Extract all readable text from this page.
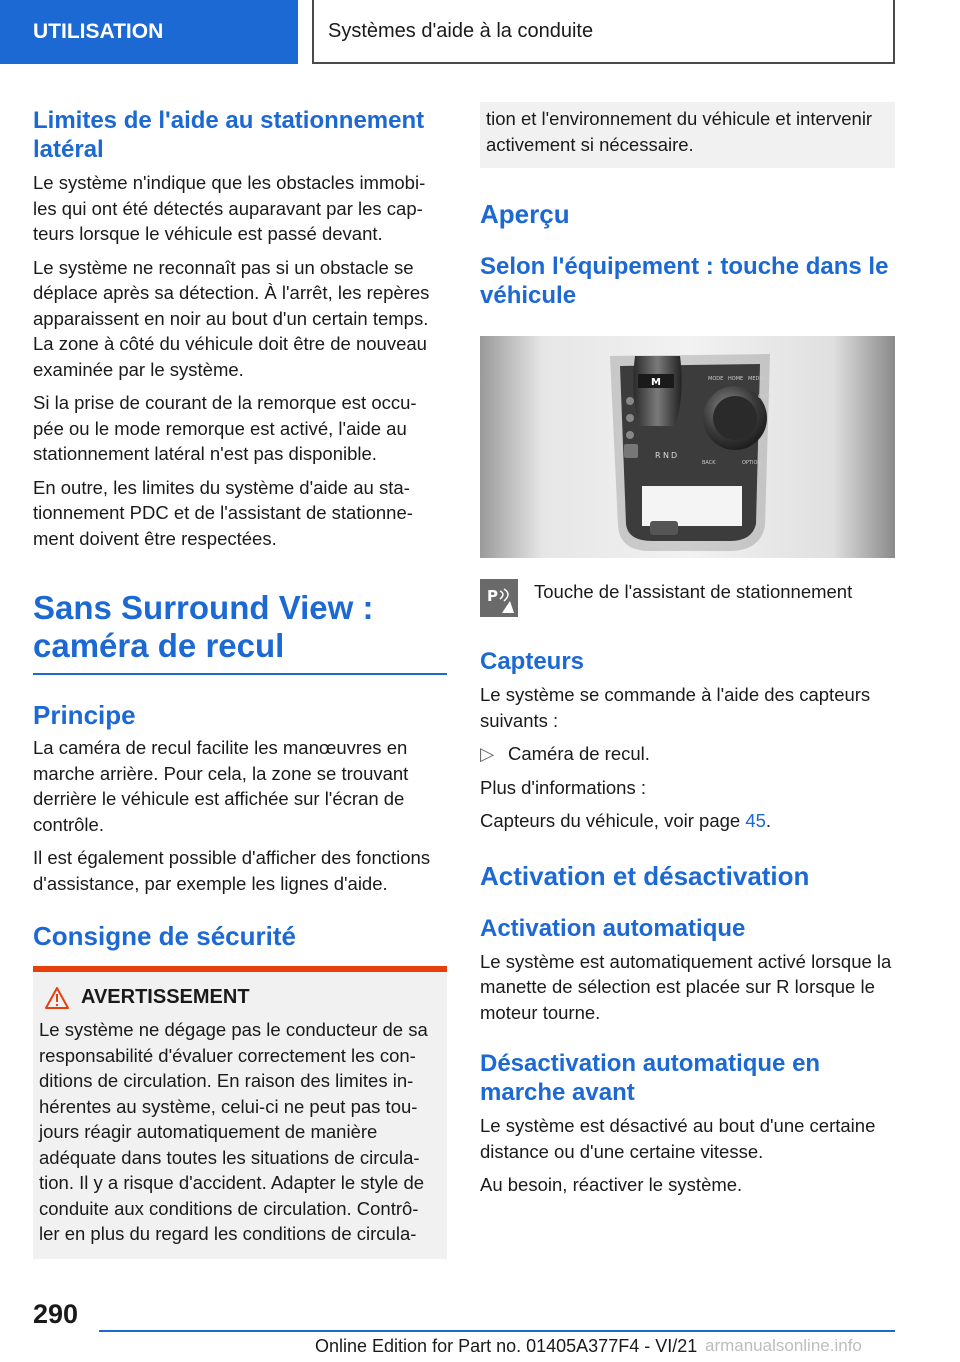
UTILISATION	Systèmes d'aide à la conduite
Limites de l'aide au stationnement latéral

Le système n'indique que les obstacles immobi-les qui ont été détectés auparavant par les cap-teurs lorsque le véhicule est passé devant.

Le système ne reconnaît pas si un obstacle se déplace après sa détection. À l'arrêt, les repères apparaissent en noir au bout d'un certain temps. La zone à côté du véhicule doit être de nouveau examinée par le système.

Si la prise de courant de la remorque est occu-pée ou le mode remorque est activé, l'aide au stationnement latéral n'est pas disponible.

En outre, les limites du système d'aide au sta-tionnement PDC et de l'assistant de stationne-ment doivent être respectées.

Sans Surround View : caméra de recul
Principe

La caméra de recul facilite les manœuvres en marche arrière. Pour cela, la zone se trouvant derrière le véhicule est affichée sur l'écran de contrôle.

Il est également possible d'afficher des fonctions d'assistance, par exemple les lignes d'aide.

Consigne de sécurité
AVERTISSEMENT

Le système ne dégage pas le conducteur de sa responsabilité d'évaluer correctement les con-ditions de circulation. En raison des limites in-hérentes au système, celui-ci ne peut pas tou-jours réagir automatiquement de manière adéquate dans toutes les situations de circula-tion. Il y a risque d'accident. Adapter le style de conduite aux conditions de circulation. Contrô-ler en plus du regard les conditions de circula-

tion et l'environnement du véhicule et intervenir activement si nécessaire.

Aperçu
Selon l'équipement : touche dans le véhicule
M
R N D
MODE HOME MEDIA
COM
BACK	OPTION
P Touche de l'assistant de stationnement

Capteurs

Le système se commande à l'aide des capteurs suivants :

▷ Caméra de recul.

Plus d'informations :

Capteurs du véhicule, voir page 45.

Activation et désactivation
Activation automatique

Le système est automatiquement activé lorsque la manette de sélection est placée sur R lorsque le moteur tourne.

Désactivation automatique en marche avant

Le système est désactivé au bout d'une certaine distance ou d'une certaine vitesse.

Au besoin, réactiver le système.

290
Online Edition for Part no. 01405A377F4 - VI/21 armanualsonline.info
